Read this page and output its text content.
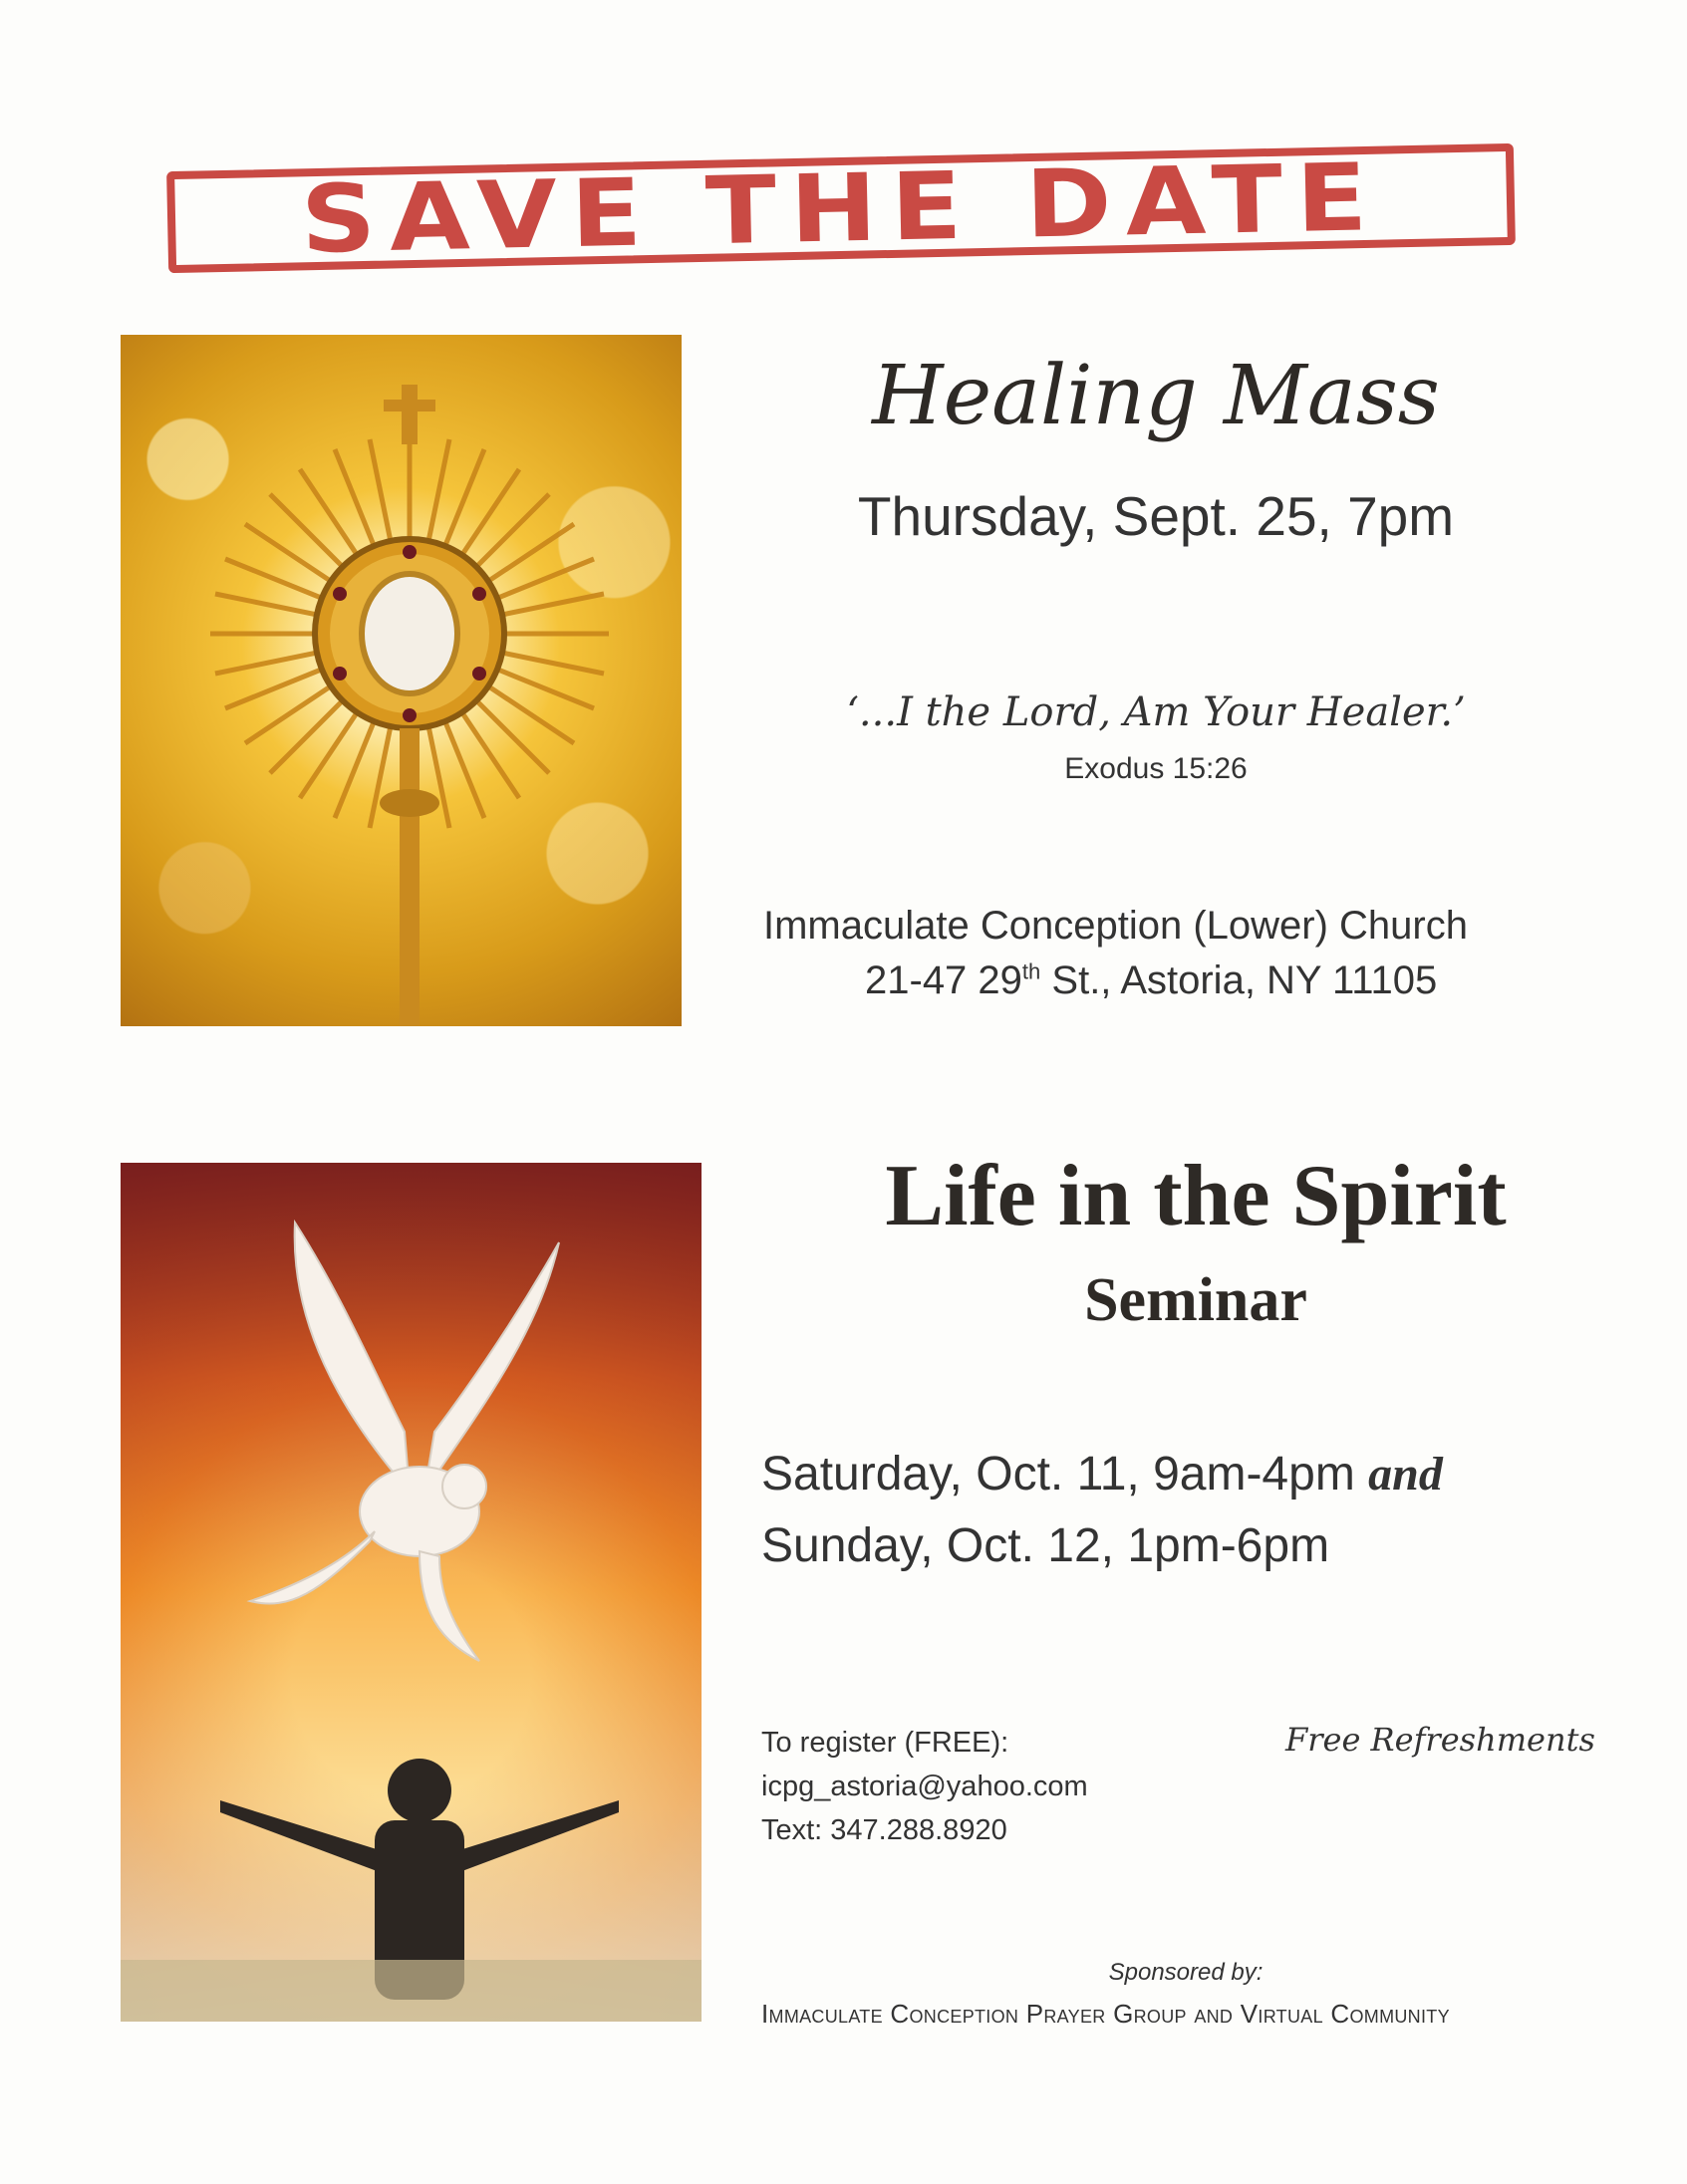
SAVE THE DATE
Healing Mass
Thursday, Sept. 25, 7pm
‘...I the Lord, Am Your Healer.’
Exodus 15:26
Immaculate Conception (Lower) Church
21-47 29th St., Astoria, NY 11105
Life in the Spirit
Seminar
Saturday, Oct. 11, 9am-4pm and
Sunday, Oct. 12, 1pm-6pm
To register (FREE):
icpg_astoria@yahoo.com
Text: 347.288.8920
Free Refreshments
Sponsored by:
Immaculate Conception Prayer Group and Virtual Community
